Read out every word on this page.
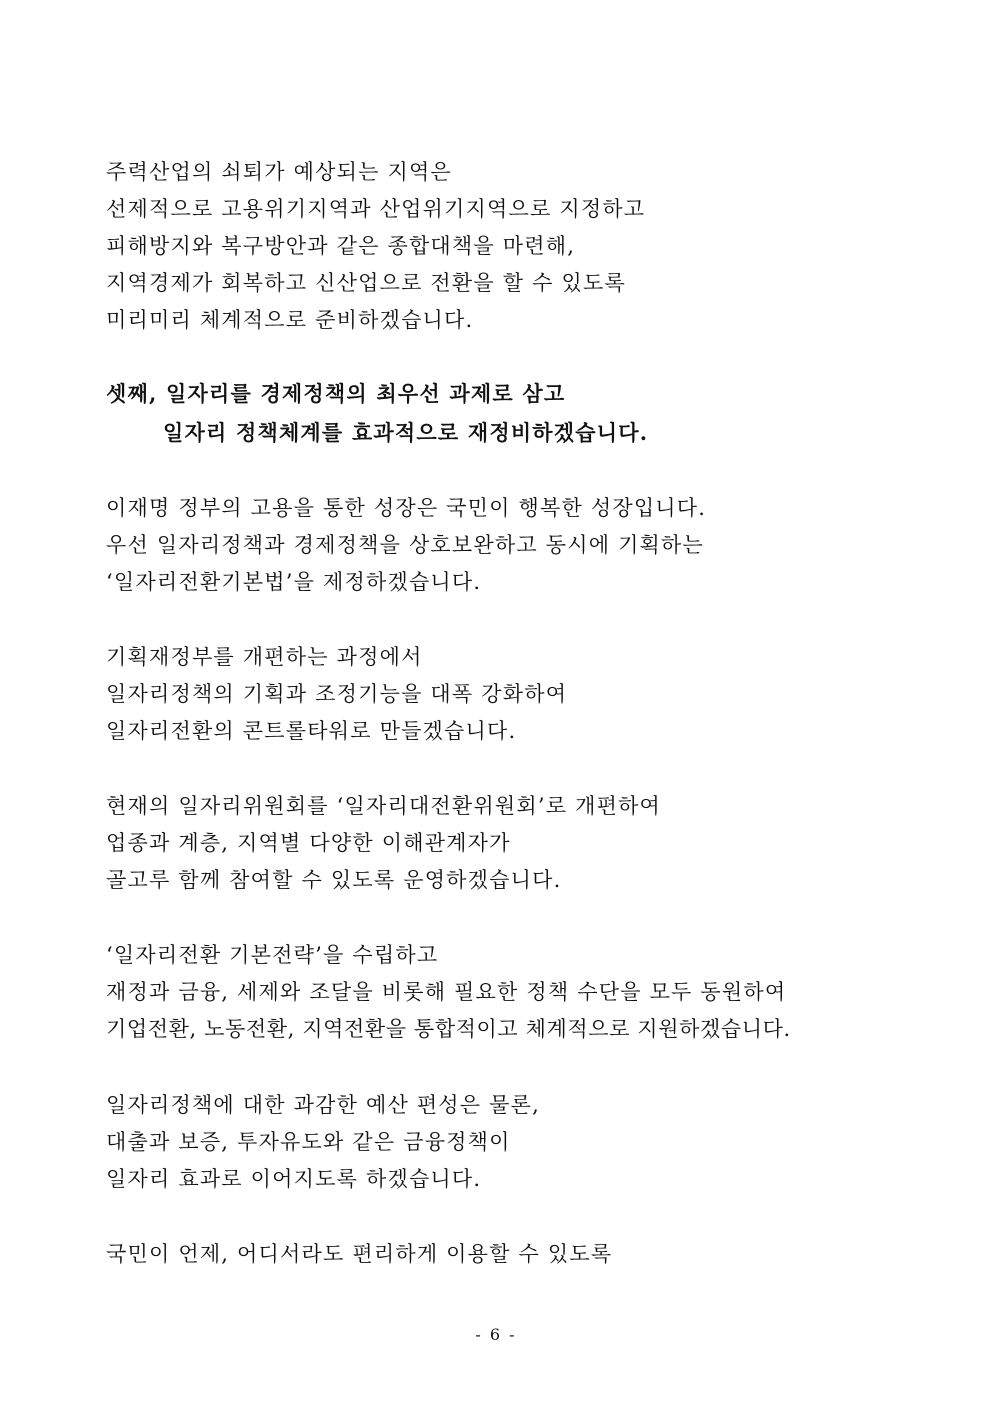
주력산업의 쇠퇴가 예상되는 지역은
선제적으로 고용위기지역과 산업위기지역으로 지정하고
피해방지와 복구방안과 같은 종합대책을 마련해,
지역경제가 회복하고 신산업으로 전환을 할 수 있도록
미리미리 체계적으로 준비하겠습니다.
셋째, 일자리를 경제정책의 최우선 과제로 삼고
일자리 정책체계를 효과적으로 재정비하겠습니다.
이재명 정부의 고용을 통한 성장은 국민이 행복한 성장입니다.
우선 일자리정책과 경제정책을 상호보완하고 동시에 기획하는
‘일자리전환기본법’을 제정하겠습니다.
기획재정부를 개편하는 과정에서
일자리정책의 기획과 조정기능을 대폭 강화하여
일자리전환의 콘트롤타워로 만들겠습니다.
현재의 일자리위원회를 ‘일자리대전환위원회’로 개편하여
업종과 계층, 지역별 다양한 이해관계자가
골고루 함께 참여할 수 있도록 운영하겠습니다.
‘일자리전환 기본전략’을 수립하고
재정과 금융, 세제와 조달을 비롯해 필요한 정책 수단을 모두 동원하여
기업전환, 노동전환, 지역전환을 통합적이고 체계적으로 지원하겠습니다.
일자리정책에 대한 과감한 예산 편성은 물론,
대출과 보증, 투자유도와 같은 금융정책이
일자리 효과로 이어지도록 하겠습니다.
국민이 언제, 어디서라도 편리하게 이용할 수 있도록
- 6 -
